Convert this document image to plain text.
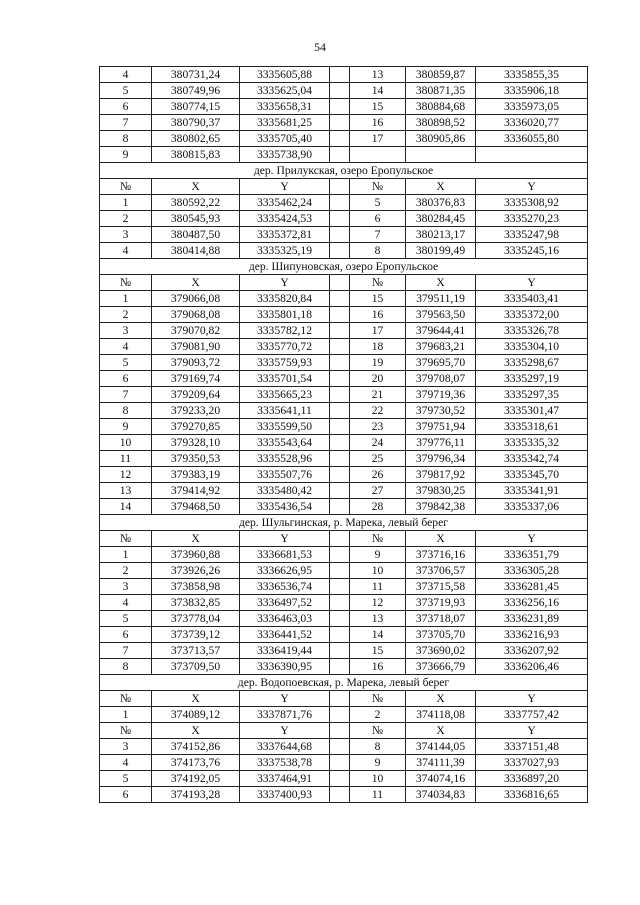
54
4	380731,24	3335605,88		13	380859,87	3335855,35
5	380749,96	3335625,04		14	380871,35	3335906,18
6	380774,15	3335658,31		15	380884,68	3335973,05
7	380790,37	3335681,25		16	380898,52	3336020,77
8	380802,65	3335705,40		17	380905,86	3336055,80
9	380815,83	3335738,90				
дер. Прилукская, озеро Еропульское						
№	X	Y		№	X	Y
1	380592,22	3335462,24		5	380376,83	3335308,92
2	380545,93	3335424,53		6	380284,45	3335270,23
3	380487,50	3335372,81		7	380213,17	3335247,98
4	380414,88	3335325,19		8	380199,49	3335245,16
дер. Шипуновская, озеро Еропульское						
№	X	Y		№	X	Y
1	379066,08	3335820,84		15	379511,19	3335403,41
2	379068,08	3335801,18		16	379563,50	3335372,00
3	379070,82	3335782,12		17	379644,41	3335326,78
4	379081,90	3335770,72		18	379683,21	3335304,10
5	379093,72	3335759,93		19	379695,70	3335298,67
6	379169,74	3335701,54		20	379708,07	3335297,19
7	379209,64	3335665,23		21	379719,36	3335297,35
8	379233,20	3335641,11		22	379730,52	3335301,47
9	379270,85	3335599,50		23	379751,94	3335318,61
10	379328,10	3335543,64		24	379776,11	3335335,32
11	379350,53	3335528,96		25	379796,34	3335342,74
12	379383,19	3335507,76		26	379817,92	3335345,70
13	379414,92	3335480,42		27	379830,25	3335341,91
14	379468,50	3335436,54		28	379842,38	3335337,06
дер. Шульгинская, р. Марека, левый берег						
№	X	Y		№	X	Y
1	373960,88	3336681,53		9	373716,16	3336351,79
2	373926,26	3336626,95		10	373706,57	3336305,28
3	373858,98	3336536,74		11	373715,58	3336281,45
4	373832,85	3336497,52		12	373719,93	3336256,16
5	373778,04	3336463,03		13	373718,07	3336231,89
6	373739,12	3336441,52		14	373705,70	3336216,93
7	373713,57	3336419,44		15	373690,02	3336207,92
8	373709,50	3336390,95		16	373666,79	3336206,46
дер. Водопоевская, р. Марека, левый берег						
№	X	Y		№	X	Y
1	374089,12	3337871,76		2	374118,08	3337757,42
№	X	Y		№	X	Y
3	374152,86	3337644,68		8	374144,05	3337151,48
4	374173,76	3337538,78		9	374111,39	3337027,93
5	374192,05	3337464,91		10	374074,16	3336897,20
6	374193,28	3337400,93		11	374034,83	3336816,65
